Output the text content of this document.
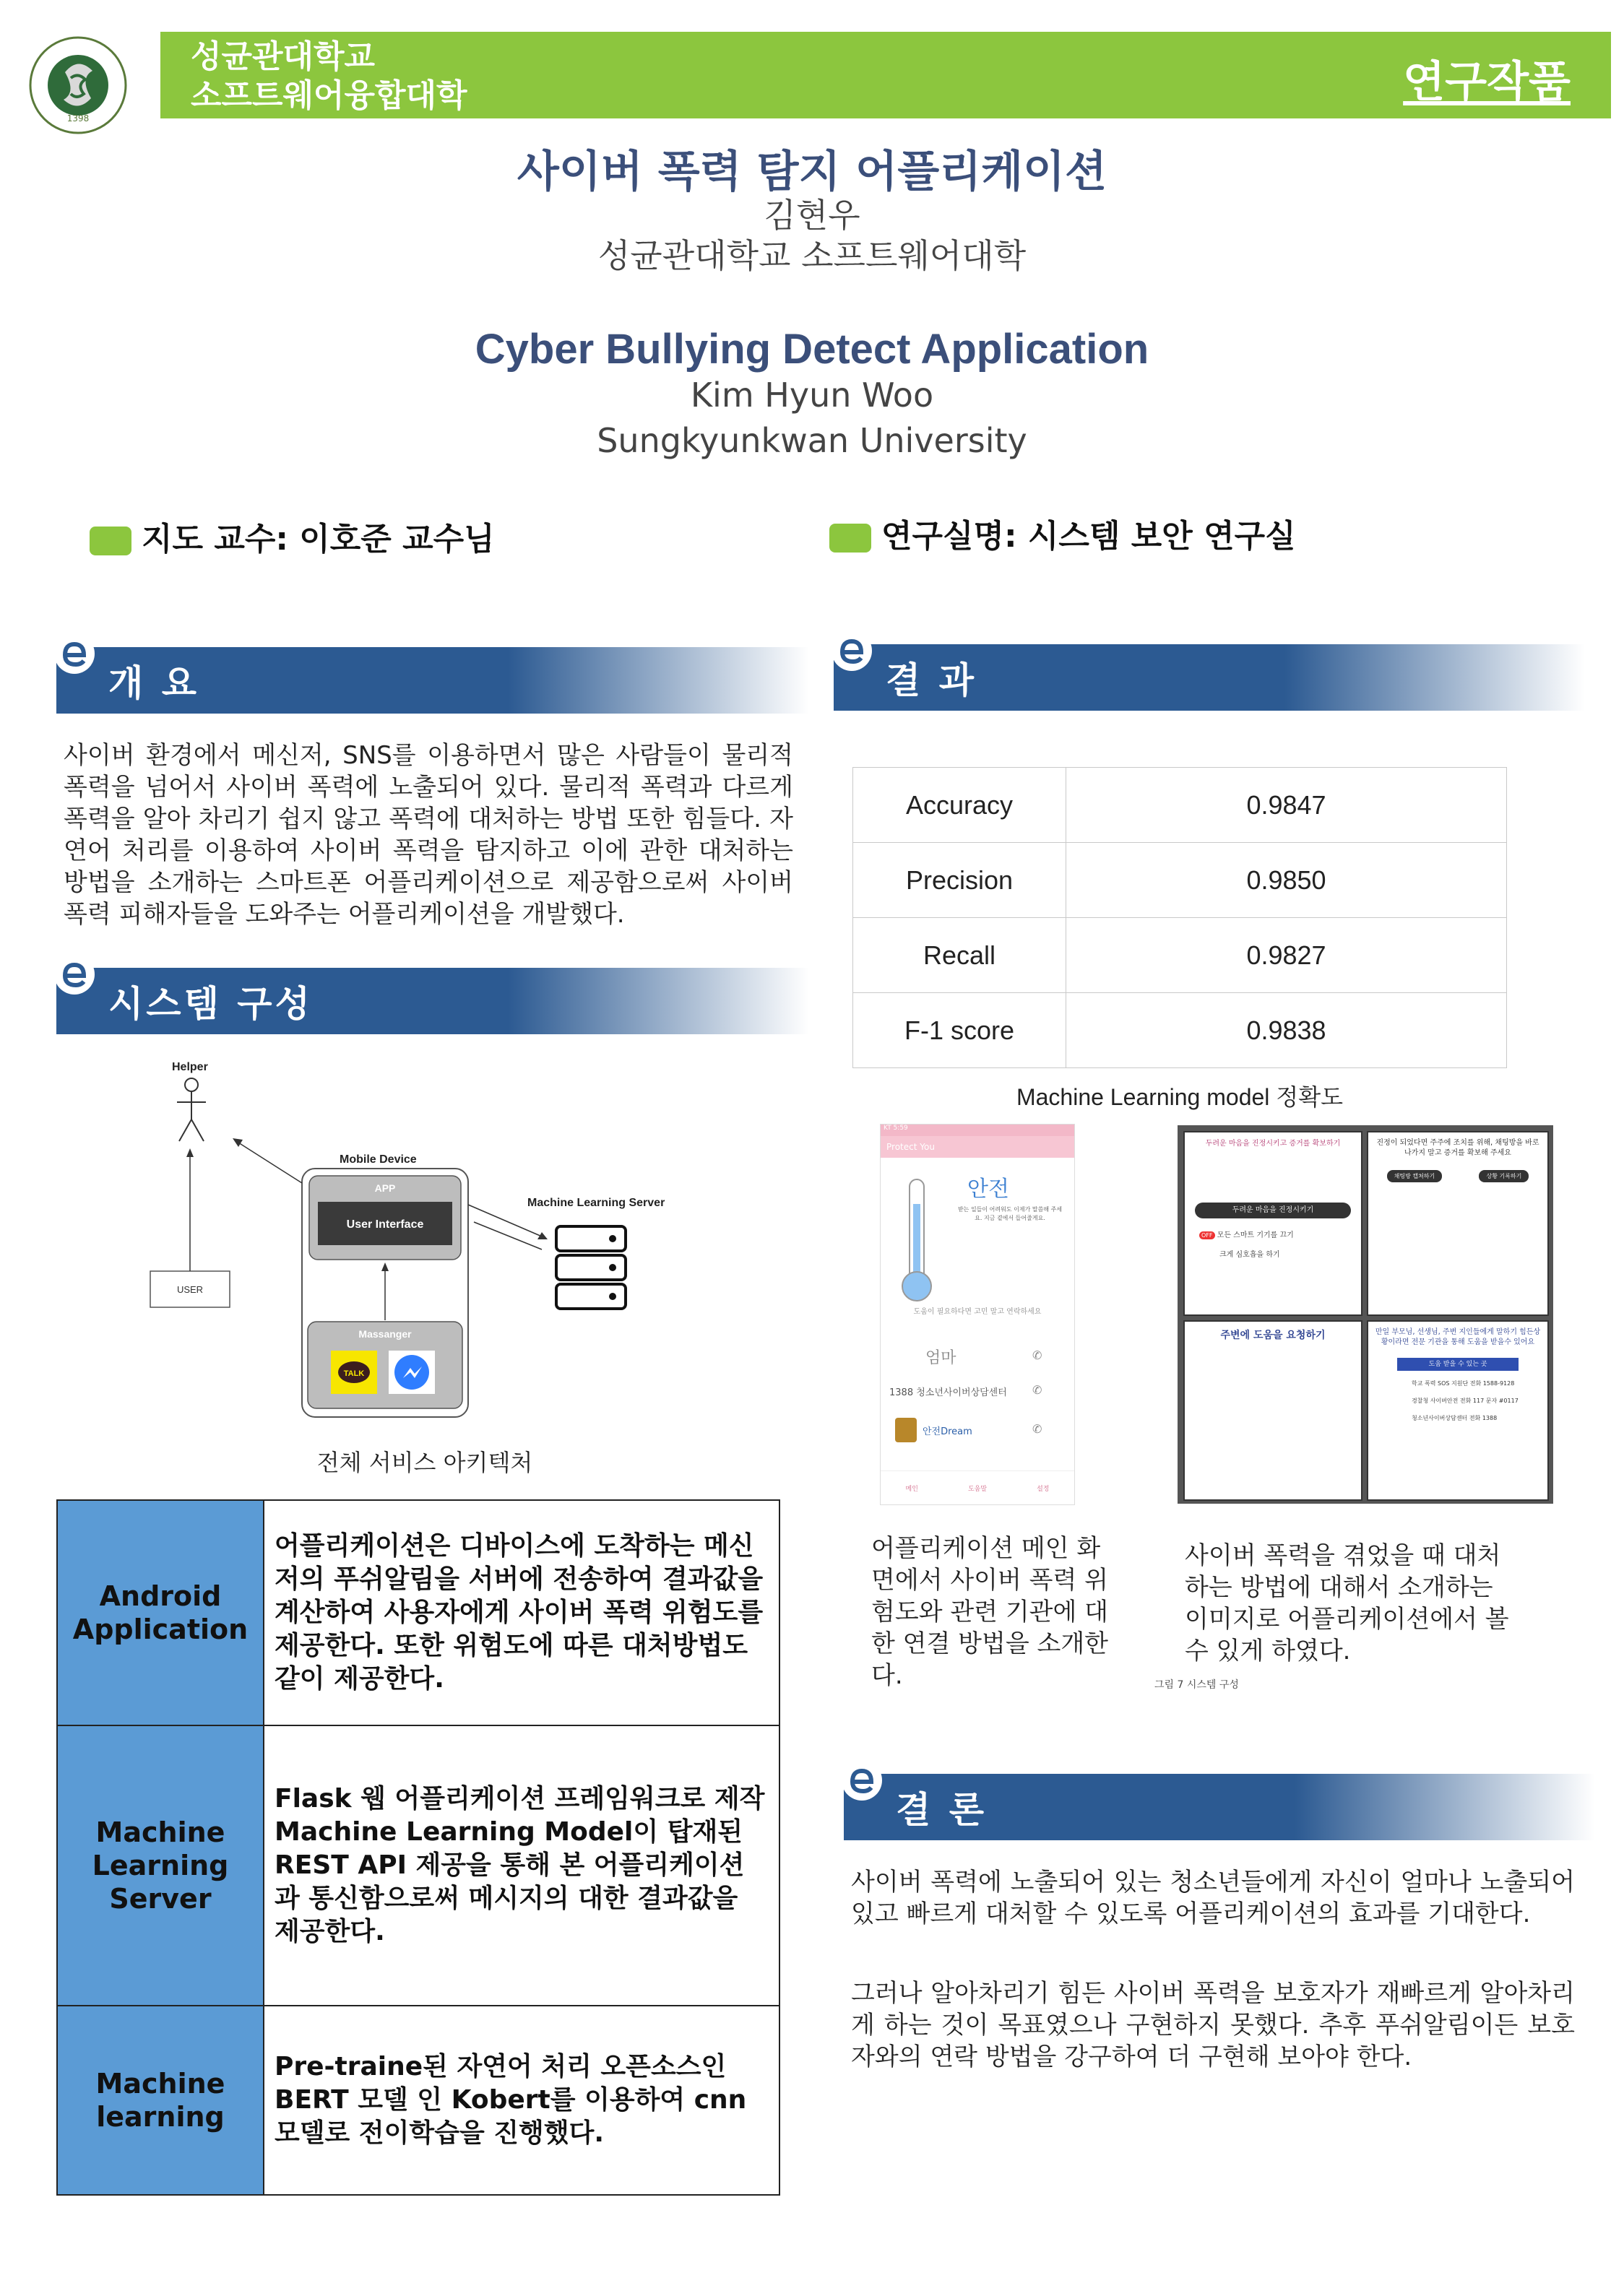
1398
성균관대학교
소프트웨어융합대학	연구작품
사이버 폭력 탐지 어플리케이션
김현우
성균관대학교 소프트웨어대학
Cyber Bullying Detect Application
Kim Hyun Woo
Sungkyunkwan University
지도 교수: 이호준 교수님	연구실명: 시스템 보안 연구실
개 요
사이버 환경에서 메신저, SNS를 이용하면서 많은 사람들이 물리적 폭력을 넘어서 사이버 폭력에 노출되어 있다. 물리적 폭력과 다르게 폭력을 알아 차리기 쉽지 않고 폭력에 대처하는 방법 또한 힘들다. 자연어 처리를 이용하여 사이버 폭력을 탐지하고 이에 관한 대처하는 방법을 소개하는 스마트폰 어플리케이션으로 제공함으로써 사이버 폭력 피해자들을 도와주는 어플리케이션을 개발했다.
시스템 구성
Helper
USER
Mobile Device
APP
User Interface
Massanger
TALK
Machine Learning Server
전체 서비스 아키텍처
Android Application	어플리케이션은 디바이스에 도착하는 메신저의 푸쉬알림을 서버에 전송하여 결과값을 계산하여 사용자에게 사이버 폭력 위험도를 제공한다. 또한 위험도에 따른 대처방법도 같이 제공한다.
Machine Learning Server	Flask 웹 어플리케이션 프레임워크로 제작 Machine Learning Model이 탑재된 REST API 제공을 통해 본 어플리케이션과 통신함으로써 메시지의 대한 결과값을 제공한다.
Machine learning	Pre-traine된 자연어 처리 오픈소스인 BERT 모델 인 Kobert를 이용하여 cnn 모델로 전이학습을 진행했다.
결 과
Accuracy	0.9847
Precision	0.9850
Recall	0.9827
F-1 score	0.9838
Machine Learning model 정확도
KT 5:59
Protect You
안전
받는 일들이 어려워도 이제가 말씀해 주세요. 지금 곁에서 들어줄게요.
도움이 필요하다면 고민 말고 연락하세요
엄마	✆
1388 청소년사이버상담센터 ✆
안전Dream	✆
메인	도움말	설정
두려운 마음을 진정시키고 증거를 확보하기
두려운 마음을 진정시키기
OFF 모든 스마트 기기를 끄기
크게 심호흡을 하기
진정이 되었다면 주주에 조치를 위해, 채팅방을 바로 나가지 말고 증거를 확보해 주세요
채팅방 캡쳐하기	상황 기록하기
주변에 도움을 요청하기	만일 부모님, 선생님, 주변 지인들에게 말하기 힘든상황이라면 전문 기관을 통해 도움을 받을수 있어요
도움 받을 수 있는 곳
학교 폭력 SOS 지원단 전화 1588-9128
경찰청 사이버안전 전화 117 문자 #0117
청소년사이버상담센터 전화 1388
어플리케이션 메인 화면에서 사이버 폭력 위험도와 관련 기관에 대한 연결 방법을 소개한다.
사이버 폭력을 겪었을 때 대처하는 방법에 대해서 소개하는 이미지로 어플리케이션에서 볼 수 있게 하였다.
그림 7 시스템 구성
결 론
사이버 폭력에 노출되어 있는 청소년들에게 자신이 얼마나 노출되어 있고 빠르게 대처할 수 있도록 어플리케이션의 효과를 기대한다.
그러나 알아차리기 힘든 사이버 폭력을 보호자가 재빠르게 알아차리게 하는 것이 목표였으나 구현하지 못했다. 추후 푸쉬알림이든 보호자와의 연락 방법을 강구하여 더 구현해 보아야 한다.
